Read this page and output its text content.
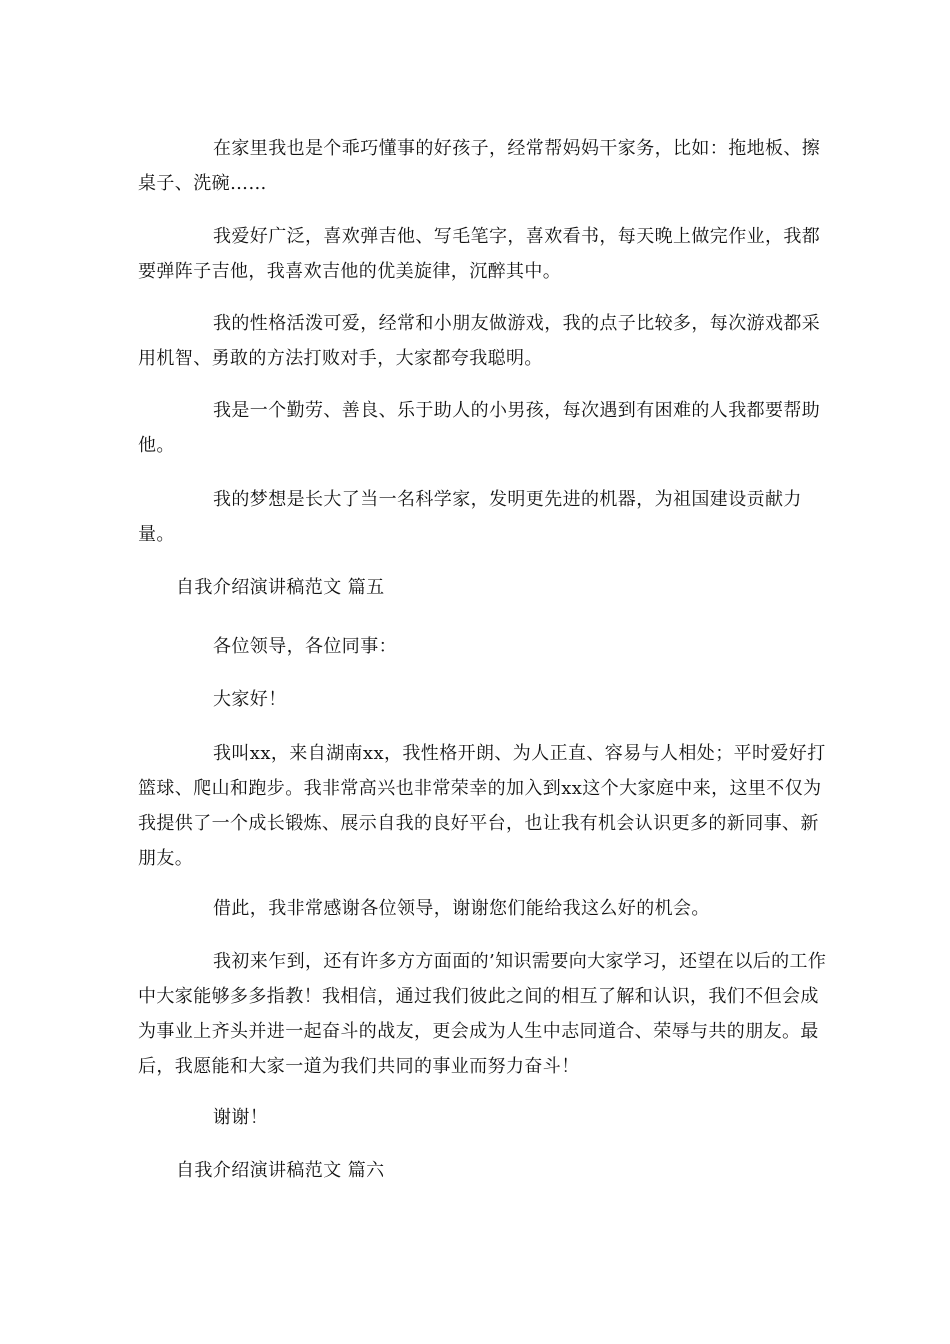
在家里我也是个乖巧懂事的好孩子，经常帮妈妈干家务，比如：拖地板、擦桌子、洗碗……

我爱好广泛，喜欢弹吉他、写毛笔字，喜欢看书，每天晚上做完作业，我都要弹阵子吉他，我喜欢吉他的优美旋律，沉醉其中。

我的性格活泼可爱，经常和小朋友做游戏，我的点子比较多，每次游戏都采用机智、勇敢的方法打败对手，大家都夸我聪明。

我是一个勤劳、善良、乐于助人的小男孩，每次遇到有困难的人我都要帮助他。

我的梦想是长大了当一名科学家，发明更先进的机器，为祖国建设贡献力量。

自我介绍演讲稿范文 篇五

各位领导，各位同事：

大家好！

我叫xx，来自湖南xx，我性格开朗、为人正直、容易与人相处；平时爱好打篮球、爬山和跑步。我非常高兴也非常荣幸的加入到xx这个大家庭中来，这里不仅为我提供了一个成长锻炼、展示自我的良好平台，也让我有机会认识更多的新同事、新朋友。

借此，我非常感谢各位领导，谢谢您们能给我这么好的机会。

我初来乍到，还有许多方方面面的’知识需要向大家学习，还望在以后的工作中大家能够多多指教！我相信，通过我们彼此之间的相互了解和认识，我们不但会成为事业上齐头并进一起奋斗的战友，更会成为人生中志同道合、荣辱与共的朋友。最后，我愿能和大家一道为我们共同的事业而努力奋斗！

谢谢！

自我介绍演讲稿范文 篇六
